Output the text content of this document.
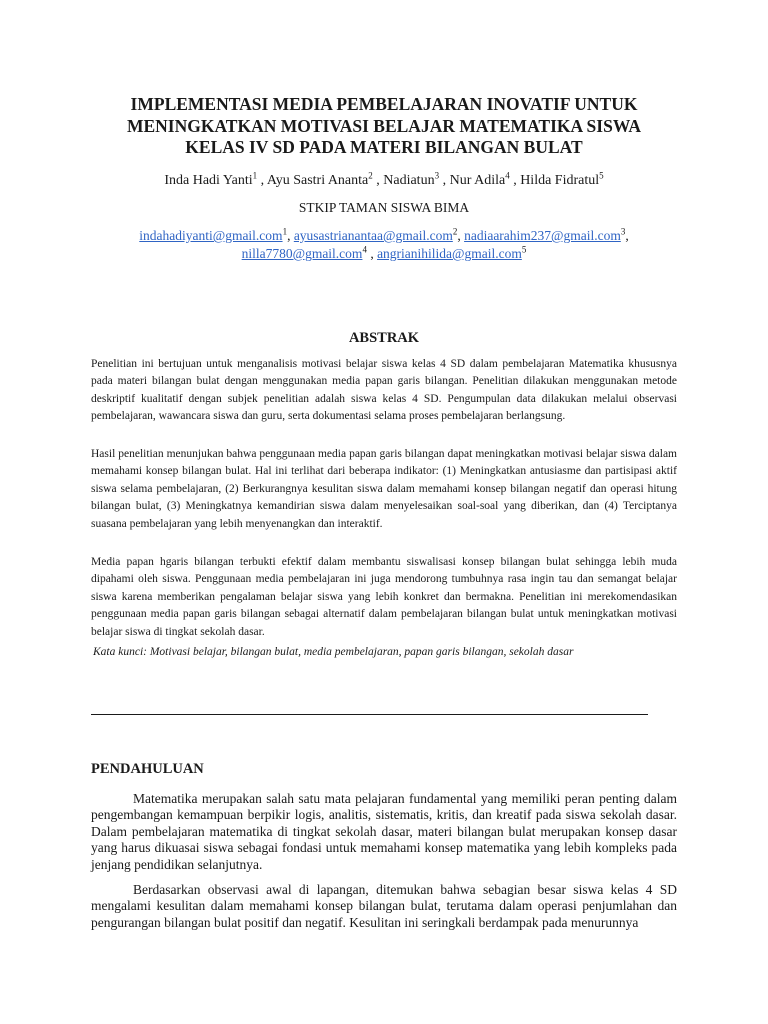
IMPLEMENTASI MEDIA PEMBELAJARAN INOVATIF UNTUK
MENINGKATKAN MOTIVASI BELAJAR MATEMATIKA SISWA
KELAS IV SD PADA MATERI BILANGAN BULAT
Inda Hadi Yanti$^1$ , Ayu Sastri Ananta$^2$ , Nadiatun$^3$ , Nur Adila$^4$ , Hilda Fidratul$^5$
STKIP TAMAN SISWA BIMA
indahadiyanti@gmail.com$^1$, ayusastrianantaa@gmail.com$^2$, nadiaarahim237@gmail.com$^3$,
nilla7780@gmail.com$^4$ , angrianihilida@gmail.com$^5$
ABSTRAK

Penelitian ini bertujuan untuk menganalisis motivasi belajar siswa kelas 4 SD dalam pembelajaran Matematika khususnya pada materi bilangan bulat dengan menggunakan media papan garis bilangan. Penelitian dilakukan menggunakan metode deskriptif kualitatif dengan subjek penelitian adalah siswa kelas 4 SD. Pengumpulan data dilakukan melalui observasi pembelajaran, wawancara siswa dan guru, serta dokumentasi selama proses pembelajaran berlangsung.

Hasil penelitian menunjukan bahwa penggunaan media papan garis bilangan dapat meningkatkan motivasi belajar siswa dalam memahami konsep bilangan bulat. Hal ini terlihat dari beberapa indikator: (1) Meningkatkan antusiasme dan partisipasi aktif siswa selama pembelajaran, (2) Berkurangnya kesulitan siswa dalam memahami konsep bilangan negatif dan operasi hitung bilangan bulat, (3) Meningkatnya kemandirian siswa dalam menyelesaikan soal-soal yang diberikan, dan (4) Terciptanya suasana pembelajaran yang lebih menyenangkan dan interaktif.

Media papan hgaris bilangan terbukti efektif dalam membantu siswalisasi konsep bilangan bulat sehingga lebih muda dipahami oleh siswa. Penggunaan media pembelajaran ini juga mendorong tumbuhnya rasa ingin tau dan semangat belajar siswa karena memberikan pengalaman belajar siswa yang lebih konkret dan bermakna. Penelitian ini merekomendasikan penggunaan media papan garis bilangan sebagai alternatif dalam pembelajaran bilangan bulat untuk meningkatkan motivasi belajar siswa di tingkat sekolah dasar.

Kata kunci: Motivasi belajar, bilangan bulat, media pembelajaran, papan garis bilangan, sekolah dasar
PENDAHULUAN

Matematika merupakan salah satu mata pelajaran fundamental yang memiliki peran penting dalam pengembangan kemampuan berpikir logis, analitis, sistematis, kritis, dan kreatif pada siswa sekolah dasar. Dalam pembelajaran matematika di tingkat sekolah dasar, materi bilangan bulat merupakan konsep dasar yang harus dikuasai siswa sebagai fondasi untuk memahami konsep matematika yang lebih kompleks pada jenjang pendidikan selanjutnya.

Berdasarkan observasi awal di lapangan, ditemukan bahwa sebagian besar siswa kelas 4 SD mengalami kesulitan dalam memahami konsep bilangan bulat, terutama dalam operasi penjumlahan dan pengurangan bilangan bulat positif dan negatif. Kesulitan ini seringkali berdampak pada menurunnya
